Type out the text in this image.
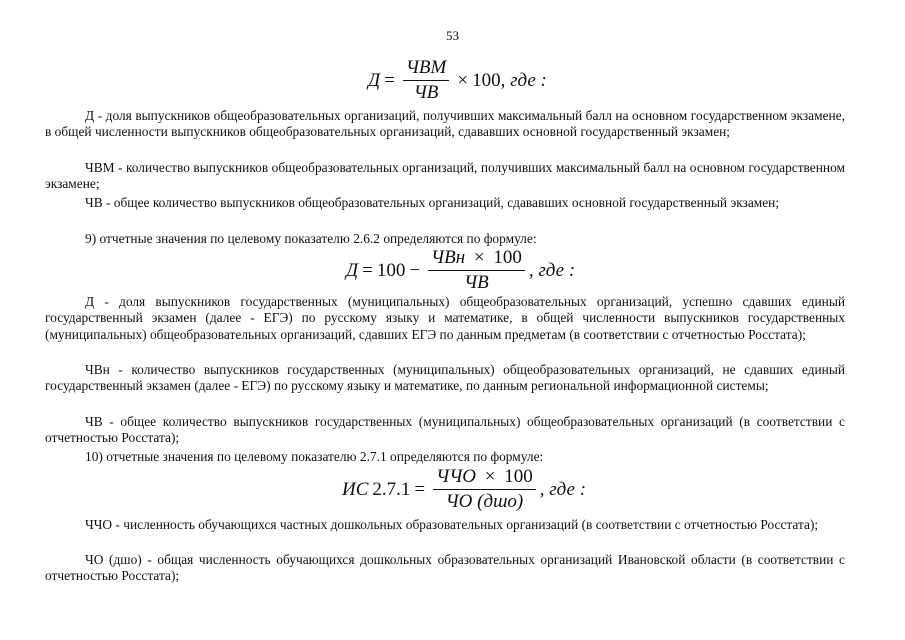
53
$Д = \frac{\text{ЧВМ}}{ЧВ} \times 100$ , где :

Д - доля выпускников общеобразовательных организаций, получивших максимальный балл на основном государственном экзамене, в общей численности выпускников общеобразовательных организаций, сдававших основной государственный экзамен;

ЧВМ - количество выпускников общеобразовательных организаций, получивших максимальный балл на основном государственном экзамене;

ЧВ - общее количество выпускников общеобразовательных организаций, сдававших основной государственный экзамен;

9) отчетные значения по целевому показателю 2.6.2 определяются по формуле:

$Д = 100 - \frac{\text{ЧВн × 100}}{ЧВ}$ , где :

Д - доля выпускников государственных (муниципальных) общеобразовательных организаций, успешно сдавших единый государственный экзамен (далее - ЕГЭ) по русскому языку и математике, в общей численности выпускников государственных (муниципальных) общеобразовательных организаций, сдавших ЕГЭ по данным предметам (в соответствии с отчетностью Росстата);

ЧВн - количество выпускников государственных (муниципальных) общеобразовательных организаций, не сдавших единый государственный экзамен (далее - ЕГЭ) по русскому языку и математике, по данным региональной информационной системы;

ЧВ - общее количество выпускников государственных (муниципальных) общеобразовательных организаций (в соответствии с отчетностью Росстата);

10) отчетные значения по целевому показателю 2.7.1 определяются по формуле:

ИС $2.7.1 = \frac{\text{ЧЧО × 100}}{\text{ЧО (дшо)}}$ , где :

ЧЧО - численность обучающихся частных дошкольных образовательных организаций (в соответствии с отчетностью Росстата);

ЧО (дшо) - общая численность обучающихся дошкольных образовательных организаций Ивановской области (в соответствии с отчетностью Росстата);
